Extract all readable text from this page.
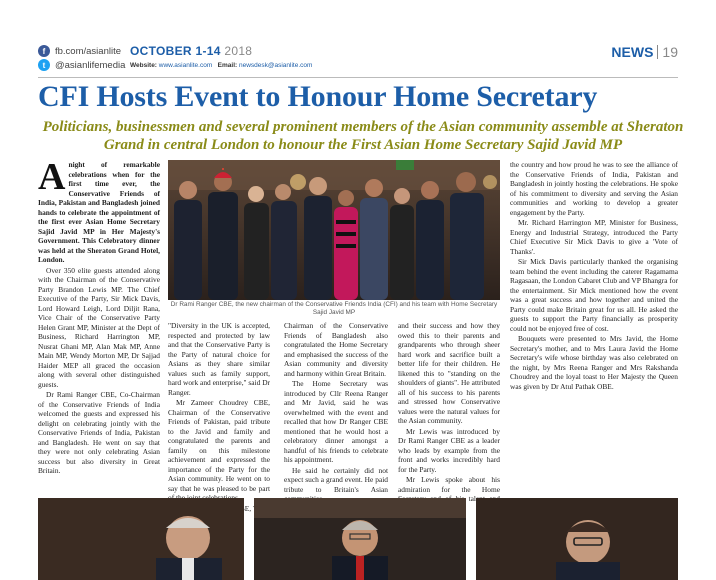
f	fb.com/asianlite
t	@asianlifemedia
OCTOBER 1-14 2018
Website: www.asianlite.com Email: newsdesk@asianlite.com
NEWS 19
CFI Hosts Event to Honour Home Secretary
Politicians, businessmen and several prominent members of the Asian community assemble at Sheraton Grand in central London to honour the First Asian Home Secretary Sajid Javid MP

Anight of remarkable celebrations when for the first time ever, the Conservative Friends of India, Pakistan and Bangladesh joined hands to celebrate the appointment of the first ever Asian Home Secretary Sajid Javid MP in Her Majesty's Government. This Celebratory dinner was held at the Sheraton Grand Hotel, London.

Over 350 elite guests attended along with the Chairman of the Conservative Party Brandon Lewis MP. The Chief Executive of the Party, Sir Mick Davis, Lord Howard Leigh, Lord Diljit Rana, Vice Chair of the Conservative Party Helen Grant MP, Minister at the Dept of Business, Richard Harrington MP, Nusrat Ghani MP, Alan Mak MP, Anne Main MP, Wendy Morton MP, Dr Sajjad Haider MEP all graced the occasion along with several other distinguished guests.

Dr Rami Ranger CBE, Co-Chairman of the Conservative Friends of India welcomed the guests and expressed his delight on celebrating jointly with the Conservative Friends of India, Pakistan and Bangladesh. He went on say that they were not only celebrating Asian success but also diversity in Great Britain.

Dr Rami Ranger CBE, the new chairman of the Conservative Friends India (CFI) and his team with Home Secretary Sajid Javid MP

"Diversity in the UK is accepted, respected and protected by law and that the Conservative Party is the Party of natural choice for Asians as they share similar values such as family support, hard work and enterprise," said Dr Ranger.

Mr Zameer Choudrey CBE, Chairman of the Conservative Friends of Pakistan, paid tribute to the Javid and family and congratulated the parents and family on this milestone achievement and expressed the importance of the Party for the Asian community. He went on to say that he was pleased to be part

Chairman of the Conservative Friends of Bangladesh also congratulated the Home Secretary and emphasised the success of the Asian community and diversity and harmony within Great Britain.

The Home Secretary was introduced by Cllr Reena Ranger and Mr Javid, said he was overwhelmed with the event and recalled that how Dr Ranger CBE mentioned that he would host a celebratory dinner amongst a handful of his friends to celebrate his appointment.

He said he certainly did not expect such a grand event. He paid tribute to Britain's Asian

and their success and how they owed this to their parents and grandparents who through sheer hard work and sacrifice built a better life for their children. He likened this to "standing on the shoulders of giants". He attributed all of his success to his parents and stressed how Conservative values were the natural values for the Asian community.

Mr Lewis was introduced by Dr Rami Ranger CBE as a leader who leads by example from the front and works incredibly hard for the Party.

Mr Lewis spoke about his admiration for the Home

the country and how proud he was to see the alliance of the Conservative Friends of India, Pakistan and Bangladesh in jointly hosting the celebrations. He spoke of his commitment to diversity and serving the Asian communities and working to develop a greater engagement by the Party.

Mr. Richard Harrington MP, Minister for Business, Energy and Industrial Strategy, introduced the Party Chief Executive Sir Mick Davis to give a 'Vote of Thanks'.

Sir Mick Davis particularly thanked the organising team behind the event including the caterer Ragamama Ragasaan, the London Cabaret Club and VP Bhangra for the entertainment. Sir Mick mentioned how the event was a great success and how together and united the Party could make Britain great for us all. He asked the guests to support the Party financially as prosperity could not be enjoyed free of cost.

Bouquets were presented to Mrs Javid, the Home Secretary's mother, and to Mrs Laura Javid the Home Secretary's wife whose birthday was also celebrated on the night, by Mrs Reena Ranger and Mrs Rakshanda Choudrey and the loyal toast to Her Majesty the Queen was given by Dr Atul Pathak OBE.
